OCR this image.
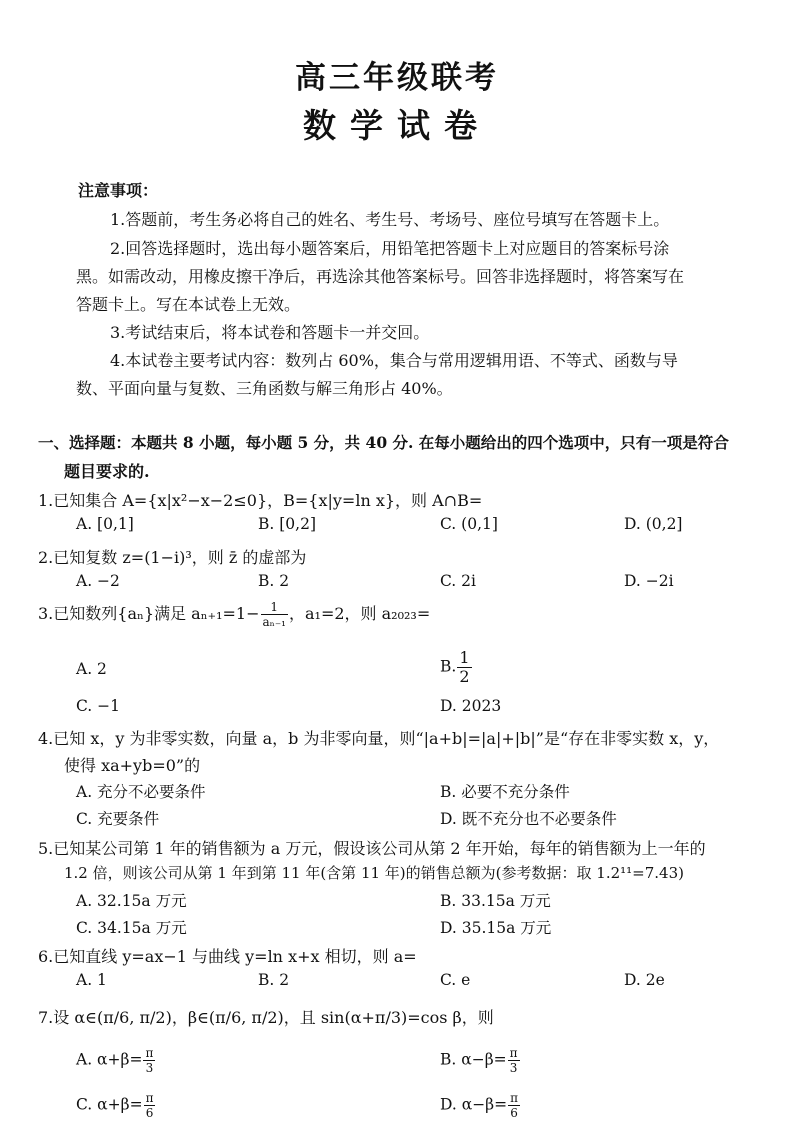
高三年级联考
数学试卷
注意事项：
1.答题前，考生务必将自己的姓名、考生号、考场号、座位号填写在答题卡上。
2.回答选择题时，选出每小题答案后，用铅笔把答题卡上对应题目的答案标号涂
黑。如需改动，用橡皮擦干净后，再选涂其他答案标号。回答非选择题时，将答案写在
答题卡上。写在本试卷上无效。
3.考试结束后，将本试卷和答题卡一并交回。
4.本试卷主要考试内容：数列占 60%，集合与常用逻辑用语、不等式、函数与导
数、平面向量与复数、三角函数与解三角形占 40%。
一、选择题：本题共 8 小题，每小题 5 分，共 40 分. 在每小题给出的四个选项中，只有一项是符合
题目要求的.
1.已知集合 A={x|x²−x−2≤0}，B={x|y=ln x}，则 A∩B=
A. [0,1]	B. [0,2]	C. (0,1]	D. (0,2]
2.已知复数 z=(1−i)³，则 z̄ 的虚部为
A. −2	B. 2	C. 2i	D. −2i
3.已知数列{aₙ}满足 $a_{n+1}=1- \frac{1}{\text{aₙ₋₁}}$ ，a₁=2，则 a₂₀₂₃=
A. 2	B. $\frac{1}{2}$
C. −1	D. 2023
4.已知 x，y 为非零实数，向量 a，b 为非零向量，则“|a+b|=|a|+|b|”是“存在非零实数 x，y，
使得 xa+yb=0”的
A. 充分不必要条件	B. 必要不充分条件
C. 充要条件	D. 既不充分也不必要条件
5.已知某公司第 1 年的销售额为 a 万元，假设该公司从第 2 年开始，每年的销售额为上一年的
1.2 倍，则该公司从第 1 年到第 11 年(含第 11 年)的销售总额为(参考数据：取 1.2¹¹=7.43)
A. 32.15a 万元	B. 33.15a 万元
C. 34.15a 万元	D. 35.15a 万元
6.已知直线 y=ax−1 与曲线 y=ln x+x 相切，则 a=
A. 1	B. 2	C. e	D. 2e
7.设 α∈(π/6, π/2)，β∈(π/6, π/2)，且 sin(α+π/3)=cos β，则
A. $\alpha+\beta= \frac{\pi}{3}$	B. $\alpha-\beta= \frac{\pi}{3}$
C. $\alpha+\beta= \frac{\pi}{6}$	D. $\alpha-\beta= \frac{\pi}{6}$
